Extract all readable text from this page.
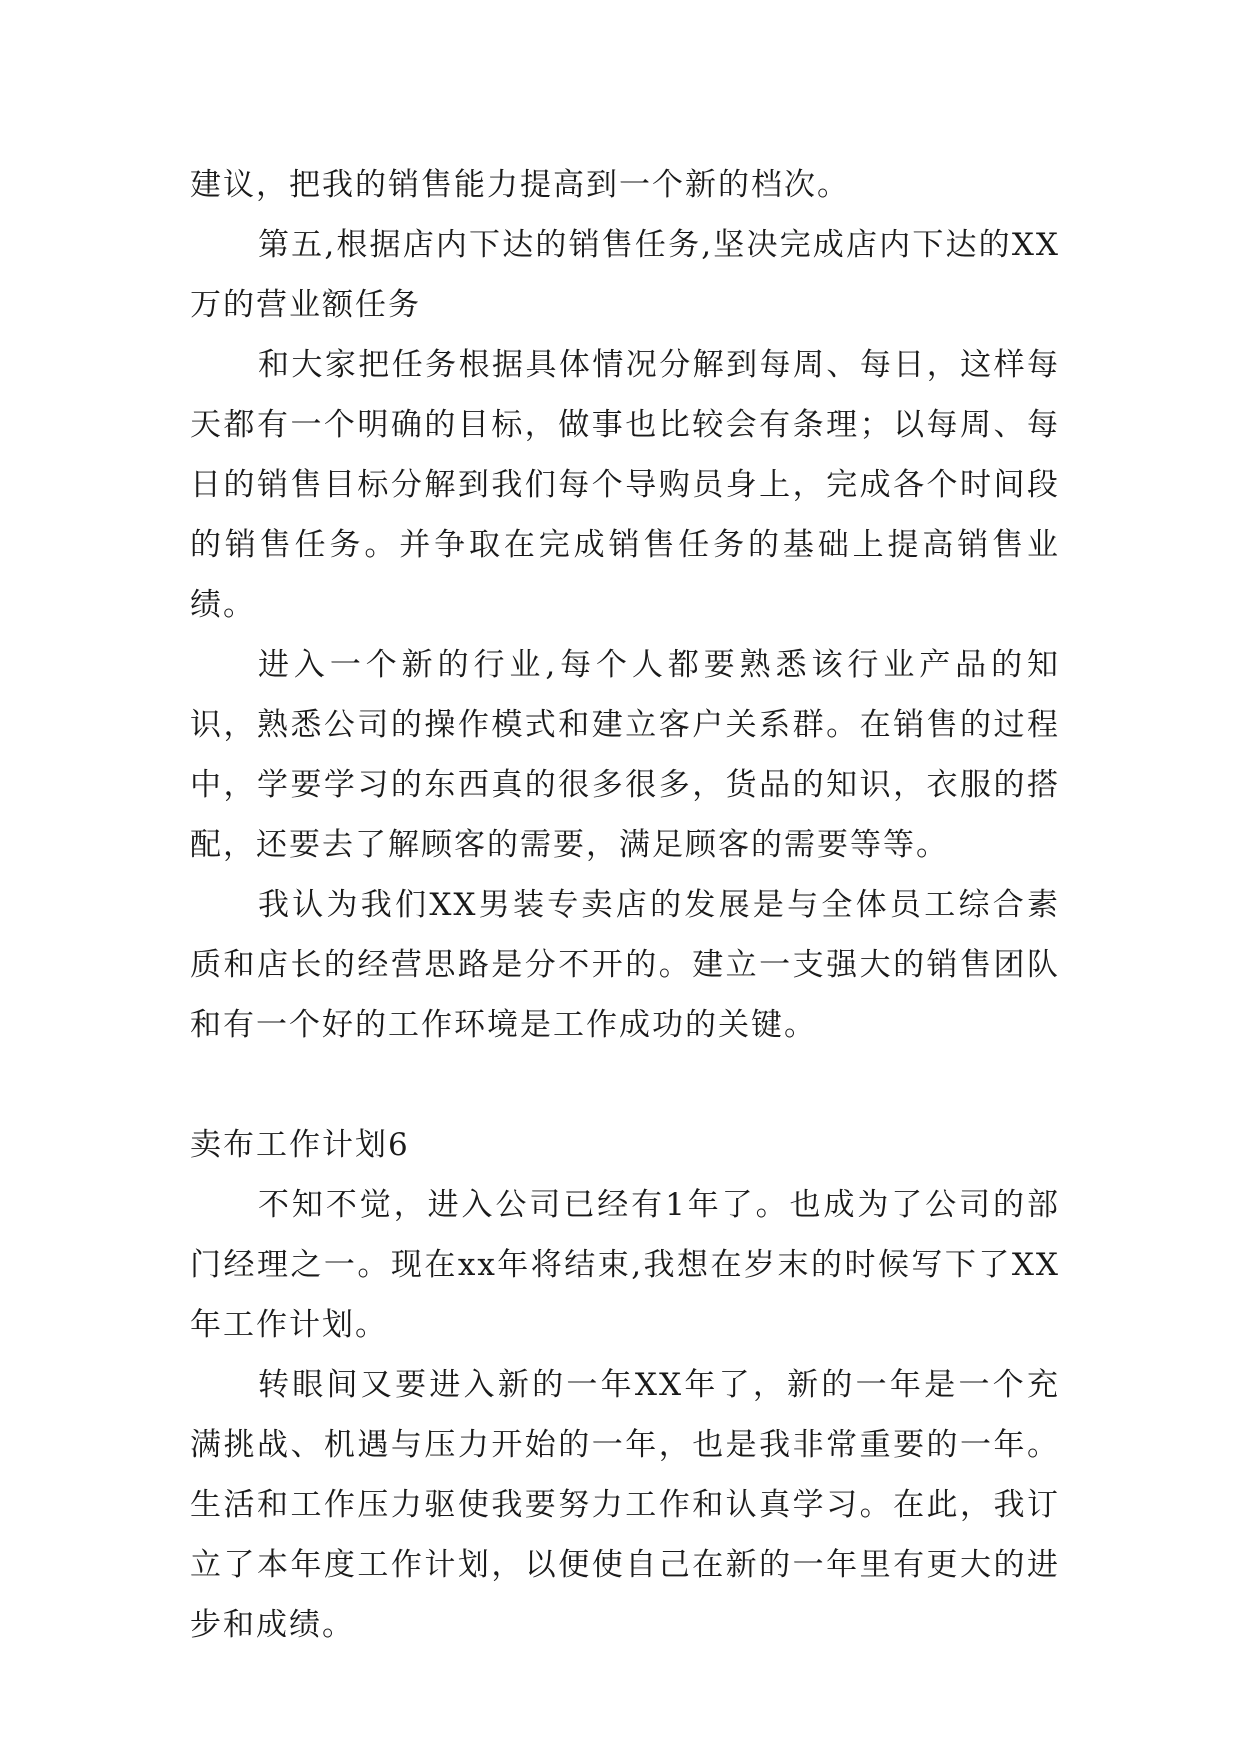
建议，把我的销售能力提高到一个新的档次。

第五,根据店内下达的销售任务,坚决完成店内下达的XX万的营业额任务

和大家把任务根据具体情况分解到每周、每日，这样每天都有一个明确的目标，做事也比较会有条理；以每周、每日的销售目标分解到我们每个导购员身上，完成各个时间段的销售任务。并争取在完成销售任务的基础上提高销售业绩。

进入一个新的行业,每个人都要熟悉该行业产品的知识，熟悉公司的操作模式和建立客户关系群。在销售的过程中，学要学习的东西真的很多很多，货品的知识，衣服的搭配，还要去了解顾客的需要，满足顾客的需要等等。

我认为我们XX男装专卖店的发展是与全体员工综合素质和店长的经营思路是分不开的。建立一支强大的销售团队和有一个好的工作环境是工作成功的关键。

卖布工作计划6

不知不觉，进入公司已经有1年了。也成为了公司的部门经理之一。现在xx年将结束,我想在岁末的时候写下了XX年工作计划。

转眼间又要进入新的一年XX年了，新的一年是一个充满挑战、机遇与压力开始的一年，也是我非常重要的一年。生活和工作压力驱使我要努力工作和认真学习。在此，我订立了本年度工作计划，以便使自己在新的一年里有更大的进步和成绩。
